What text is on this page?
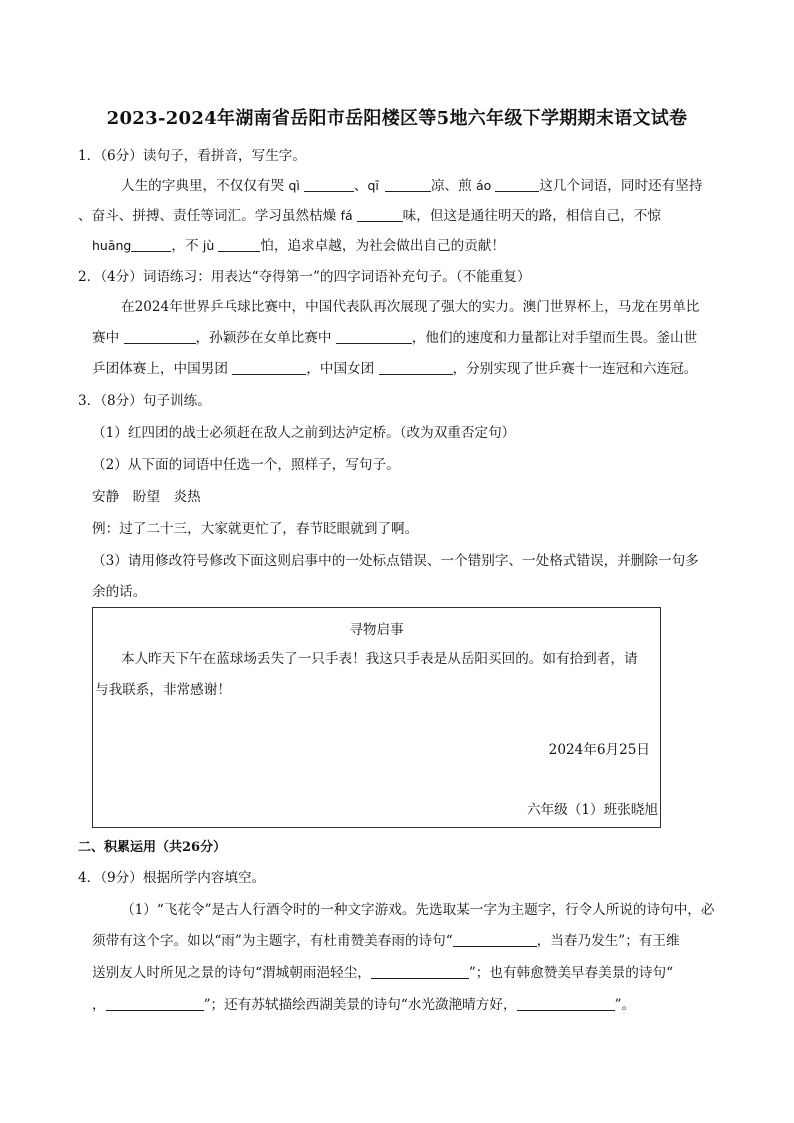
2023-2024年湖南省岳阳市岳阳楼区等5地六年级下学期期末语文试卷
1．（6分）读句子，看拼音，写生字。
人生的字典里，不仅仅有哭 qì	、qī	凉、煎 áo	这几个词语，同时还有坚持
、奋斗、拼搏、责任等词汇。学习虽然枯燥 fá	味，但这是通往明天的路，相信自己，不惊
huāng	，不 jù	怕，追求卓越，为社会做出自己的贡献！
2．（4分）词语练习：用表达“夺得第一”的四字词语补充句子。（不能重复）
在2024年世界乒乓球比赛中，中国代表队再次展现了强大的实力。澳门世界杯上，马龙在男单比
赛中	，孙颖莎在女单比赛中	，他们的速度和力量都让对手望而生畏。釜山世
乒团体赛上，中国男团	，中国女团	，分别实现了世乒赛十一连冠和六连冠。
3．（8分）句子训练。
（1）红四团的战士必须赶在敌人之前到达泸定桥。（改为双重否定句）
（2）从下面的词语中任选一个，照样子，写句子。
安静　盼望　炎热
例：过了二十三，大家就更忙了，春节眨眼就到了啊。
（3）请用修改符号修改下面这则启事中的一处标点错误、一个错别字、一处格式错误，并删除一句多
余的话。
寻物启事
本人昨天下午在蓝球场丢失了一只手表！我这只手表是从岳阳买回的。如有拾到者，请
与我联系，非常感谢！
2024年6月25日
六年级（1）班张晓旭
二、积累运用（共26分）
4．（9分）根据所学内容填空。
（1）“飞花令”是古人行酒令时的一种文字游戏。先选取某一字为主题字，行令人所说的诗句中，必
须带有这个字。如以“雨”为主题字，有杜甫赞美春雨的诗句“	，当春乃发生”；有王维
送别友人时所见之景的诗句“渭城朝雨浥轻尘，	”；也有韩愈赞美早春美景的诗句“
，	”；还有苏轼描绘西湖美景的诗句“水光潋滟晴方好，	”。
